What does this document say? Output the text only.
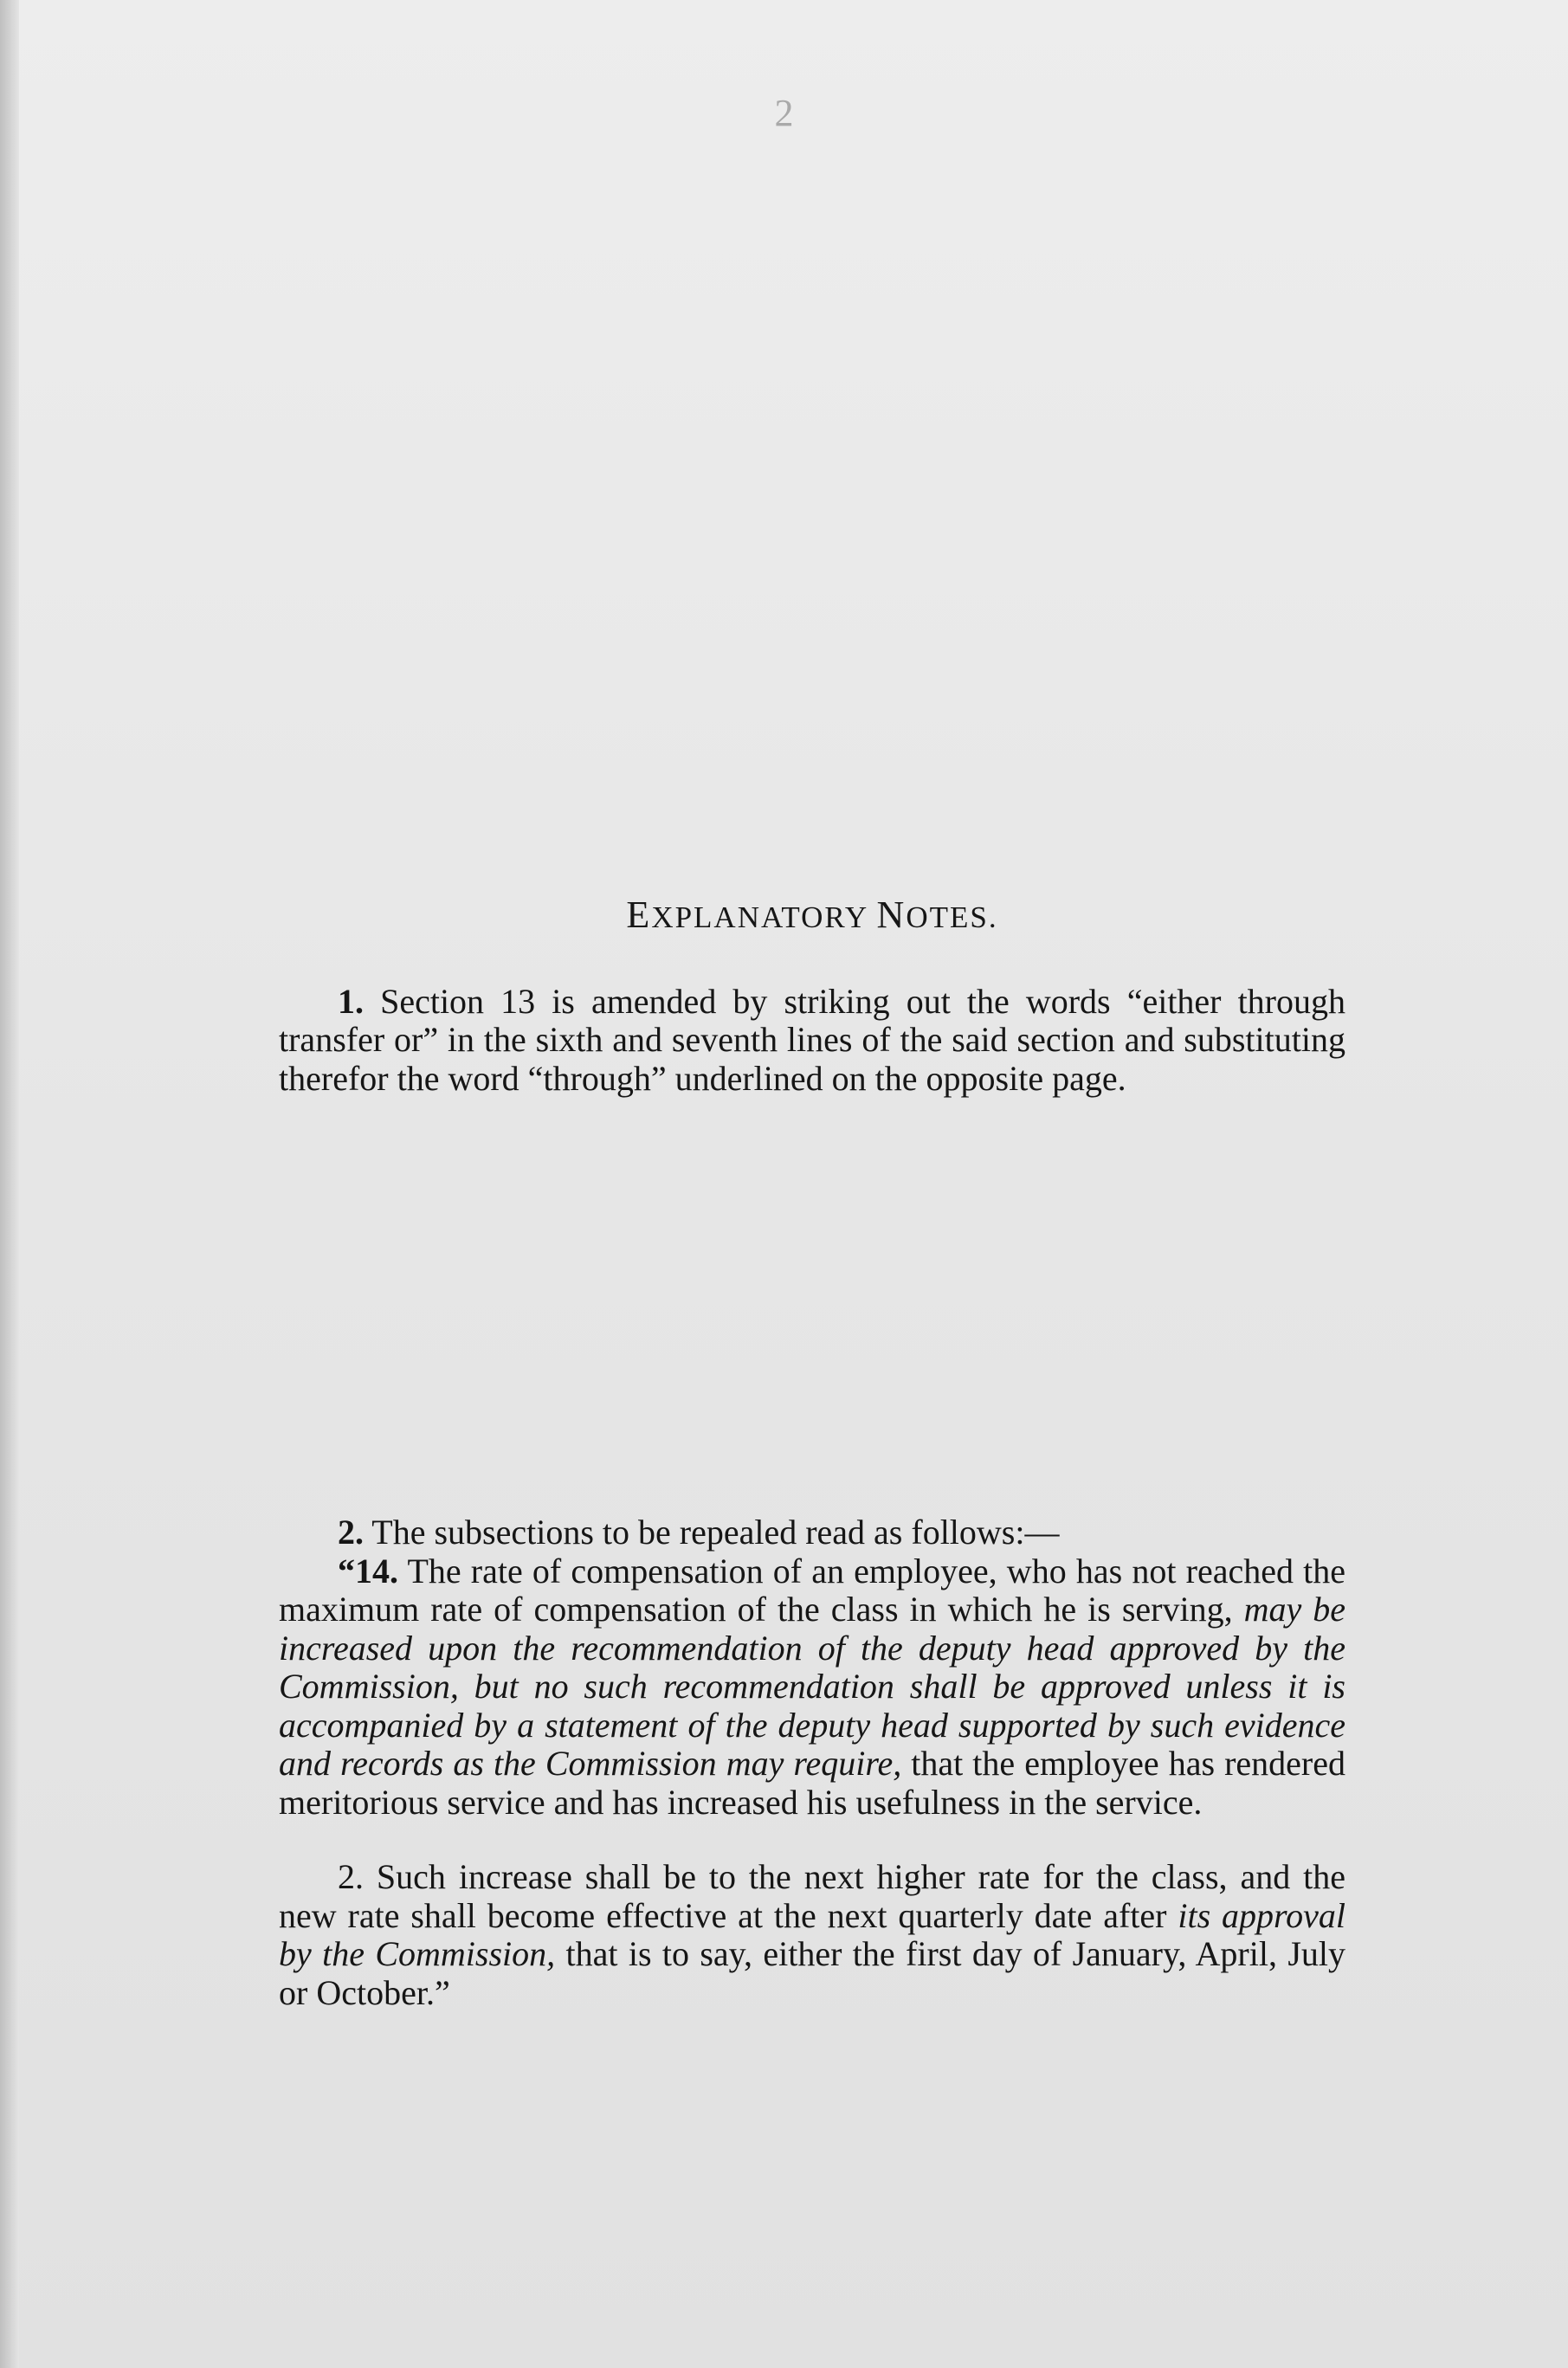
2
EXPLANATORY NOTES.

1. Section 13 is amended by striking out the words “either through transfer or” in the sixth and seventh lines of the said section and substituting therefor the word “through” underlined on the opposite page.

2. The subsections to be repealed read as follows:—

“14. The rate of compensation of an employee, who has not reached the maximum rate of compensation of the class in which he is serving, may be increased upon the recommendation of the deputy head approved by the Commission, but no such recommendation shall be approved unless it is accompanied by a statement of the deputy head supported by such evidence and records as the Commission may require, that the employee has rendered meritorious service and has increased his usefulness in the service.

2. Such increase shall be to the next higher rate for the class, and the new rate shall become effective at the next quarterly date after its approval by the Commission, that is to say, either the first day of January, April, July or October.”
